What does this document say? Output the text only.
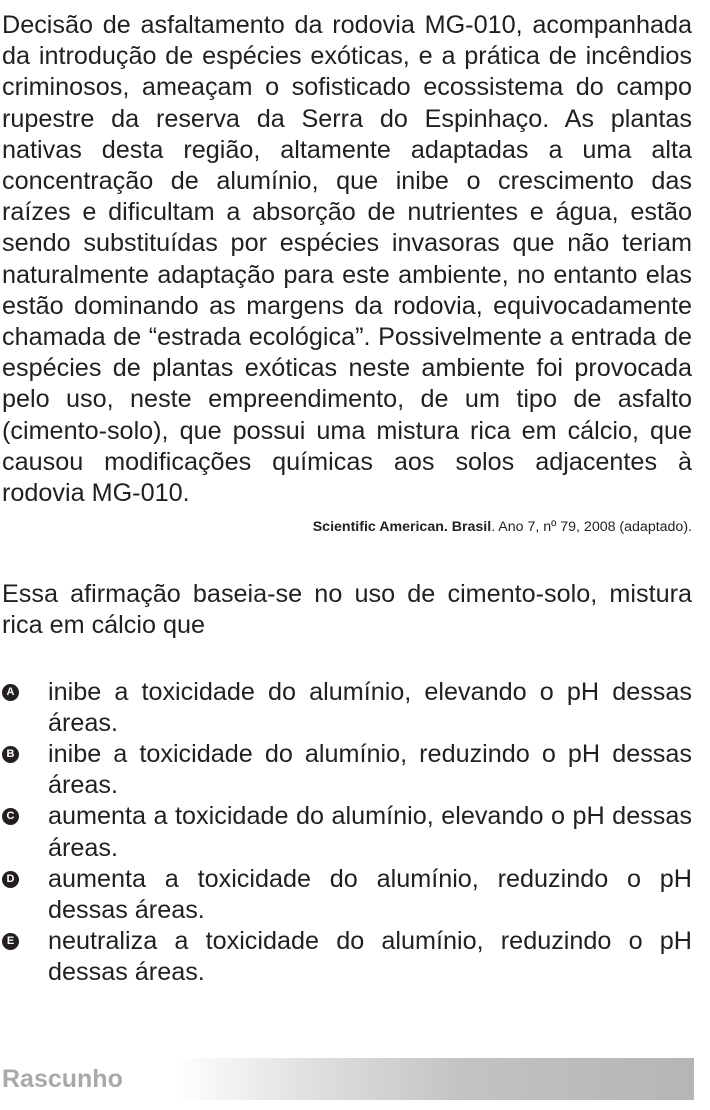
Decisão de asfaltamento da rodovia MG-010, acompanhada da introdução de espécies exóticas, e a prática de incêndios criminosos, ameaçam o sofisticado ecossistema do campo rupestre da reserva da Serra do Espinhaço. As plantas nativas desta região, altamente adaptadas a uma alta concentração de alumínio, que inibe o crescimento das raízes e dificultam a absorção de nutrientes e água, estão sendo substituídas por espécies invasoras que não teriam naturalmente adaptação para este ambiente, no entanto elas estão dominando as margens da rodovia, equivocadamente chamada de “estrada ecológica”. Possivelmente a entrada de espécies de plantas exóticas neste ambiente foi provocada pelo uso, neste empreendimento, de um tipo de asfalto (cimento-solo), que possui uma mistura rica em cálcio, que causou modificações químicas aos solos adjacentes à rodovia MG-010.

Scientific American. Brasil. Ano 7, nº 79, 2008 (adaptado).

Essa afirmação baseia-se no uso de cimento-solo, mistura rica em cálcio que

A inibe a toxicidade do alumínio, elevando o pH dessas áreas.
B inibe a toxicidade do alumínio, reduzindo o pH dessas áreas.
C aumenta a toxicidade do alumínio, elevando o pH dessas áreas.
D aumenta a toxicidade do alumínio, reduzindo o pH dessas áreas.
E neutraliza a toxicidade do alumínio, reduzindo o pH dessas áreas.
Rascunho
